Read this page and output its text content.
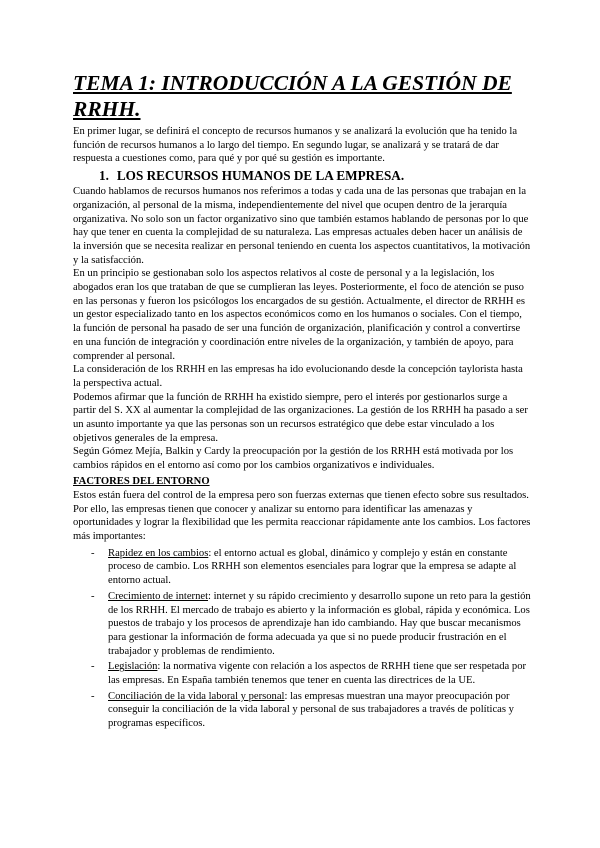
TEMA 1: INTRODUCCIÓN A LA GESTIÓN DE RRHH.

En primer lugar, se definirá el concepto de recursos humanos y se analizará la evolución que ha tenido la función de recursos humanos a lo largo del tiempo. En segundo lugar, se analizará y se tratará de dar respuesta a cuestiones como, para qué y por qué su gestión es importante.

1. LOS RECURSOS HUMANOS DE LA EMPRESA.

Cuando hablamos de recursos humanos nos referimos a todas y cada una de las personas que trabajan en la organización, al personal de la misma, independientemente del nivel que ocupen dentro de la jerarquía organizativa. No solo son un factor organizativo sino que también estamos hablando de personas por lo que hay que tener en cuenta la complejidad de su naturaleza. Las empresas actuales deben hacer un análisis de la inversión que se necesita realizar en personal teniendo en cuenta los aspectos cuantitativos, la motivación y la satisfacción.

En un principio se gestionaban solo los aspectos relativos al coste de personal y a la legislación, los abogados eran los que trataban de que se cumplieran las leyes. Posteriormente, el foco de atención se puso en las personas y fueron los psicólogos los encargados de su gestión. Actualmente, el director de RRHH es un gestor especializado tanto en los aspectos económicos como en los humanos o sociales. Con el tiempo, la función de personal ha pasado de ser una función de organización, planificación y control a convertirse en una función de integración y coordinación entre niveles de la organización, y también de apoyo, para comprender al personal.

La consideración de los RRHH en las empresas ha ido evolucionando desde la concepción taylorista hasta la perspectiva actual.

Podemos afirmar que la función de RRHH ha existido siempre, pero el interés por gestionarlos surge a partir del S. XX al aumentar la complejidad de las organizaciones. La gestión de los RRHH ha pasado a ser un asunto importante ya que las personas son un recursos estratégico que debe estar vinculado a los objetivos generales de la empresa.

Según Gómez Mejía, Balkin y Cardy la preocupación por la gestión de los RRHH está motivada por los cambios rápidos en el entorno así como por los cambios organizativos e individuales.

FACTORES DEL ENTORNO

Estos están fuera del control de la empresa pero son fuerzas externas que tienen efecto sobre sus resultados. Por ello, las empresas tienen que conocer y analizar su entorno para identificar las amenazas y oportunidades y lograr la flexibilidad que les permita reaccionar rápidamente ante los cambios. Los factores más importantes:

- Rapidez en los cambios: el entorno actual es global, dinámico y complejo y están en constante proceso de cambio. Los RRHH son elementos esenciales para lograr que la empresa se adapte al entorno actual.
- Crecimiento de internet: internet y su rápido crecimiento y desarrollo supone un reto para la gestión de los RRHH. El mercado de trabajo es abierto y la información es global, rápida y económica. Los puestos de trabajo y los procesos de aprendizaje han ido cambiando. Hay que buscar mecanismos para gestionar la información de forma adecuada ya que si no puede producir frustración en el trabajador y problemas de rendimiento.
- Legislación: la normativa vigente con relación a los aspectos de RRHH tiene que ser respetada por las empresas. En España también tenemos que tener en cuenta las directrices de la UE.
- Conciliación de la vida laboral y personal: las empresas muestran una mayor preocupación por conseguir la conciliación de la vida laboral y personal de sus trabajadores a través de políticas y programas específicos.
